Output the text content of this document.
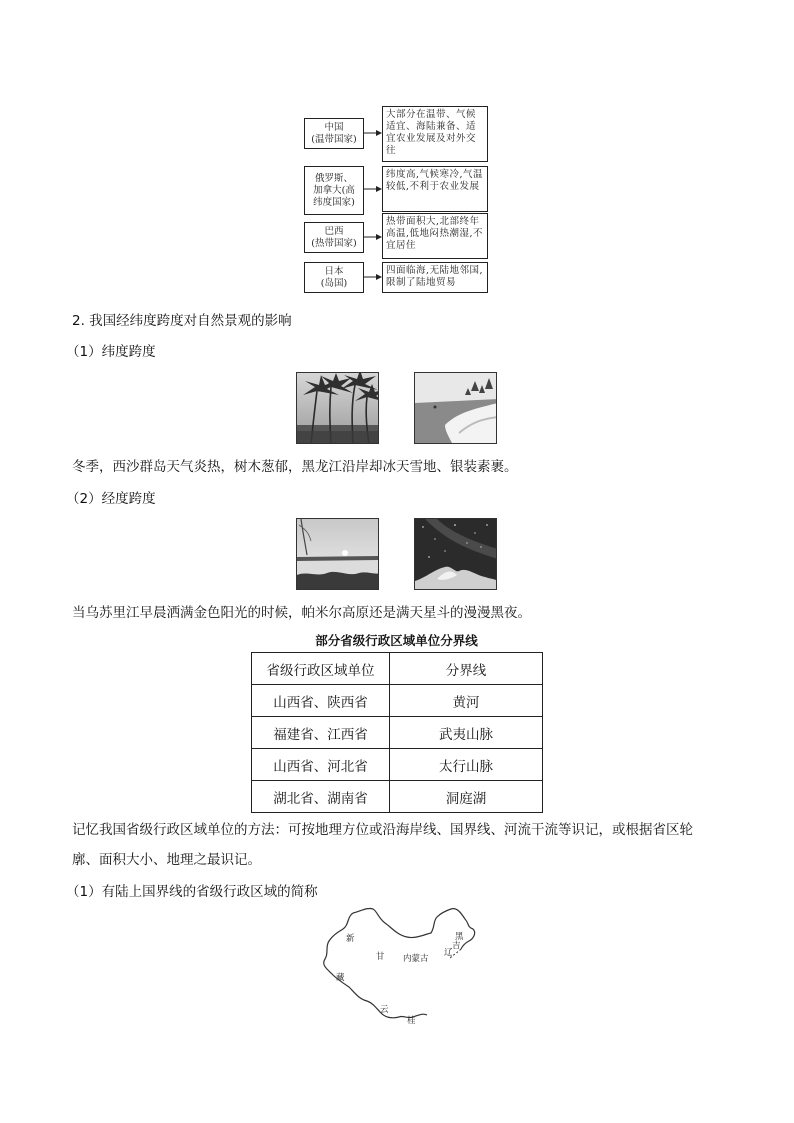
中国
(温带国家)
大部分在温带、气候适宜、海陆兼备、适宜农业发展及对外交往
俄罗斯、
加拿大(高
纬度国家)
纬度高,气候寒冷,气温较低,不利于农业发展
巴西
(热带国家)
热带面积大,北部终年高温,低地闷热潮湿,不宜居住
日本
(岛国)
四面临海,无陆地邻国,限制了陆地贸易
2. 我国经纬度跨度对自然景观的影响
（1）纬度跨度
冬季，西沙群岛天气炎热，树木葱郁，黑龙江沿岸却冰天雪地、银装素裹。
（2）经度跨度
当乌苏里江早晨洒满金色阳光的时候，帕米尔高原还是满天星斗的漫漫黑夜。
部分省级行政区域单位分界线
省级行政区域单位	分界线
山西省、陕西省	黄河
福建省、江西省	武夷山脉
山西省、河北省	太行山脉
湖北省、湖南省	洞庭湖
记忆我国省级行政区域单位的方法：可按地理方位或沿海岸线、国界线、河流干流等识记，或根据省区轮
廓、面积大小、地理之最识记。
（1）有陆上国界线的省级行政区域的简称
新
甘 内蒙古
黑
吉
辽
藏
云
桂
